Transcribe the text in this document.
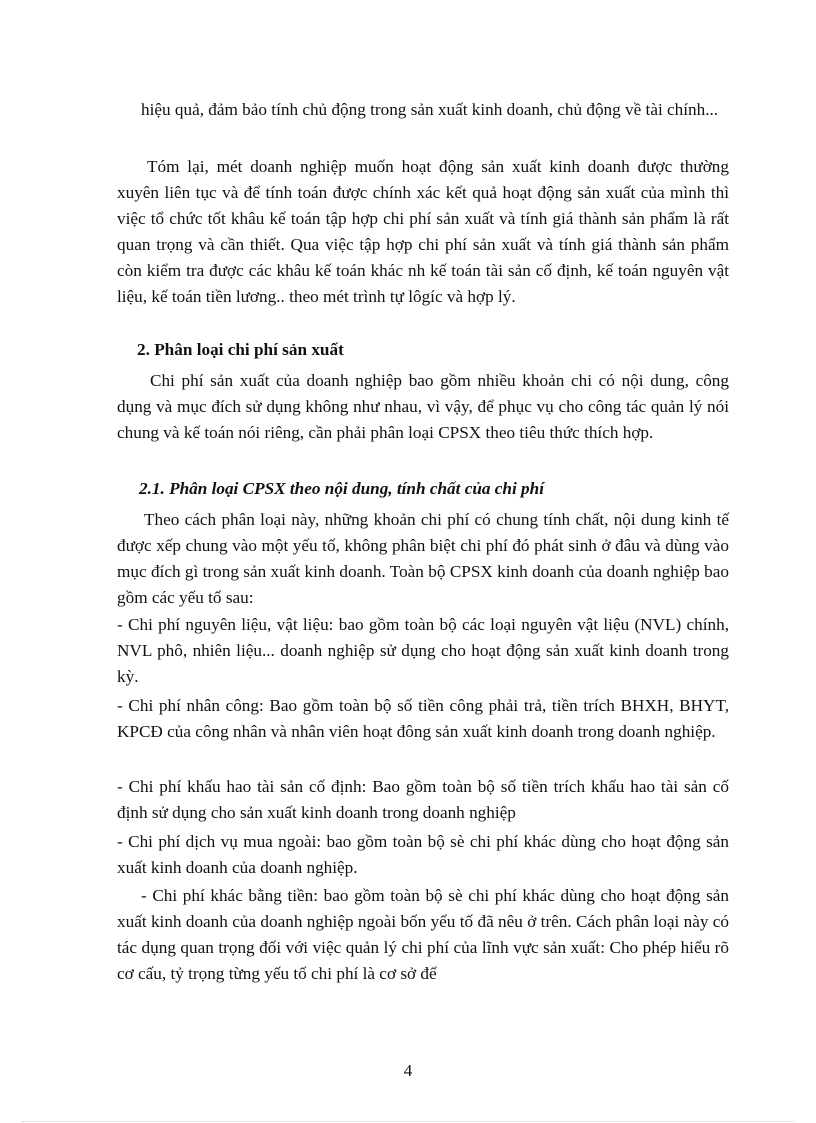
hiệu quả, đảm bảo tính chủ động trong sản xuất kinh doanh, chủ động về tài chính...

Tóm lại, mét doanh nghiệp muốn hoạt động sản xuất kinh doanh được thường xuyên liên tục và để tính toán được chính xác kết quả hoạt động sản xuất của mình thì việc tổ chức tốt khâu kế toán tập hợp chi phí sản xuất và tính giá thành sản phẩm là rất quan trọng và cần thiết. Qua việc tập hợp chi phí sản xuất và tính giá thành sản phẩm còn kiểm tra được các khâu kế toán khác nh kế toán tài sản cố định, kế toán nguyên vật liệu, kế toán tiền lương.. theo mét trình tự lôgíc và hợp lý.

2. Phân loại chi phí sản xuất

Chi phí sản xuất của doanh nghiệp bao gồm nhiều khoản chi có nội dung, công dụng và mục đích sử dụng không như nhau, vì vậy, để phục vụ cho công tác quản lý nói chung và kế toán nói riêng, cần phải phân loại CPSX theo tiêu thức thích hợp.

2.1. Phân loại CPSX theo nội dung, tính chất của chi phí

Theo cách phân loại này, những khoản chi phí có chung tính chất, nội dung kinh tế được xếp chung vào một yếu tố, không phân biệt chi phí đó phát sinh ở đâu và dùng vào mục đích gì trong sản xuất kinh doanh. Toàn bộ CPSX kinh doanh của doanh nghiệp bao gồm các yếu tố sau:

- Chi phí nguyên liệu, vật liệu: bao gồm toàn bộ các loại nguyên vật liệu (NVL) chính, NVL phô, nhiên liệu... doanh nghiệp sử dụng cho hoạt động sản xuất kinh doanh trong kỳ.

- Chi phí nhân công: Bao gồm toàn bộ số tiền công phải trả, tiền trích BHXH, BHYT, KPCĐ của công nhân và nhân viên hoạt đông sản xuất kinh doanh trong doanh nghiệp.

- Chi phí khấu hao tài sản cố định: Bao gồm toàn bộ số tiền trích khấu hao tài sản cố định sử dụng cho sản xuất kinh doanh trong doanh nghiệp

- Chi phí dịch vụ mua ngoài: bao gồm toàn bộ sè chi phí khác dùng cho hoạt động sản xuất kinh doanh của doanh nghiệp.

- Chi phí khác bằng tiền: bao gồm toàn bộ sè chi phí khác dùng cho hoạt động sản xuất kinh doanh của doanh nghiệp ngoài bốn yếu tố đã nêu ở trên. Cách phân loại này có tác dụng quan trọng đối với việc quản lý chi phí của lĩnh vực sản xuất: Cho phép hiểu rõ cơ cấu, tỷ trọng từng yếu tố chi phí là cơ sở để

4
